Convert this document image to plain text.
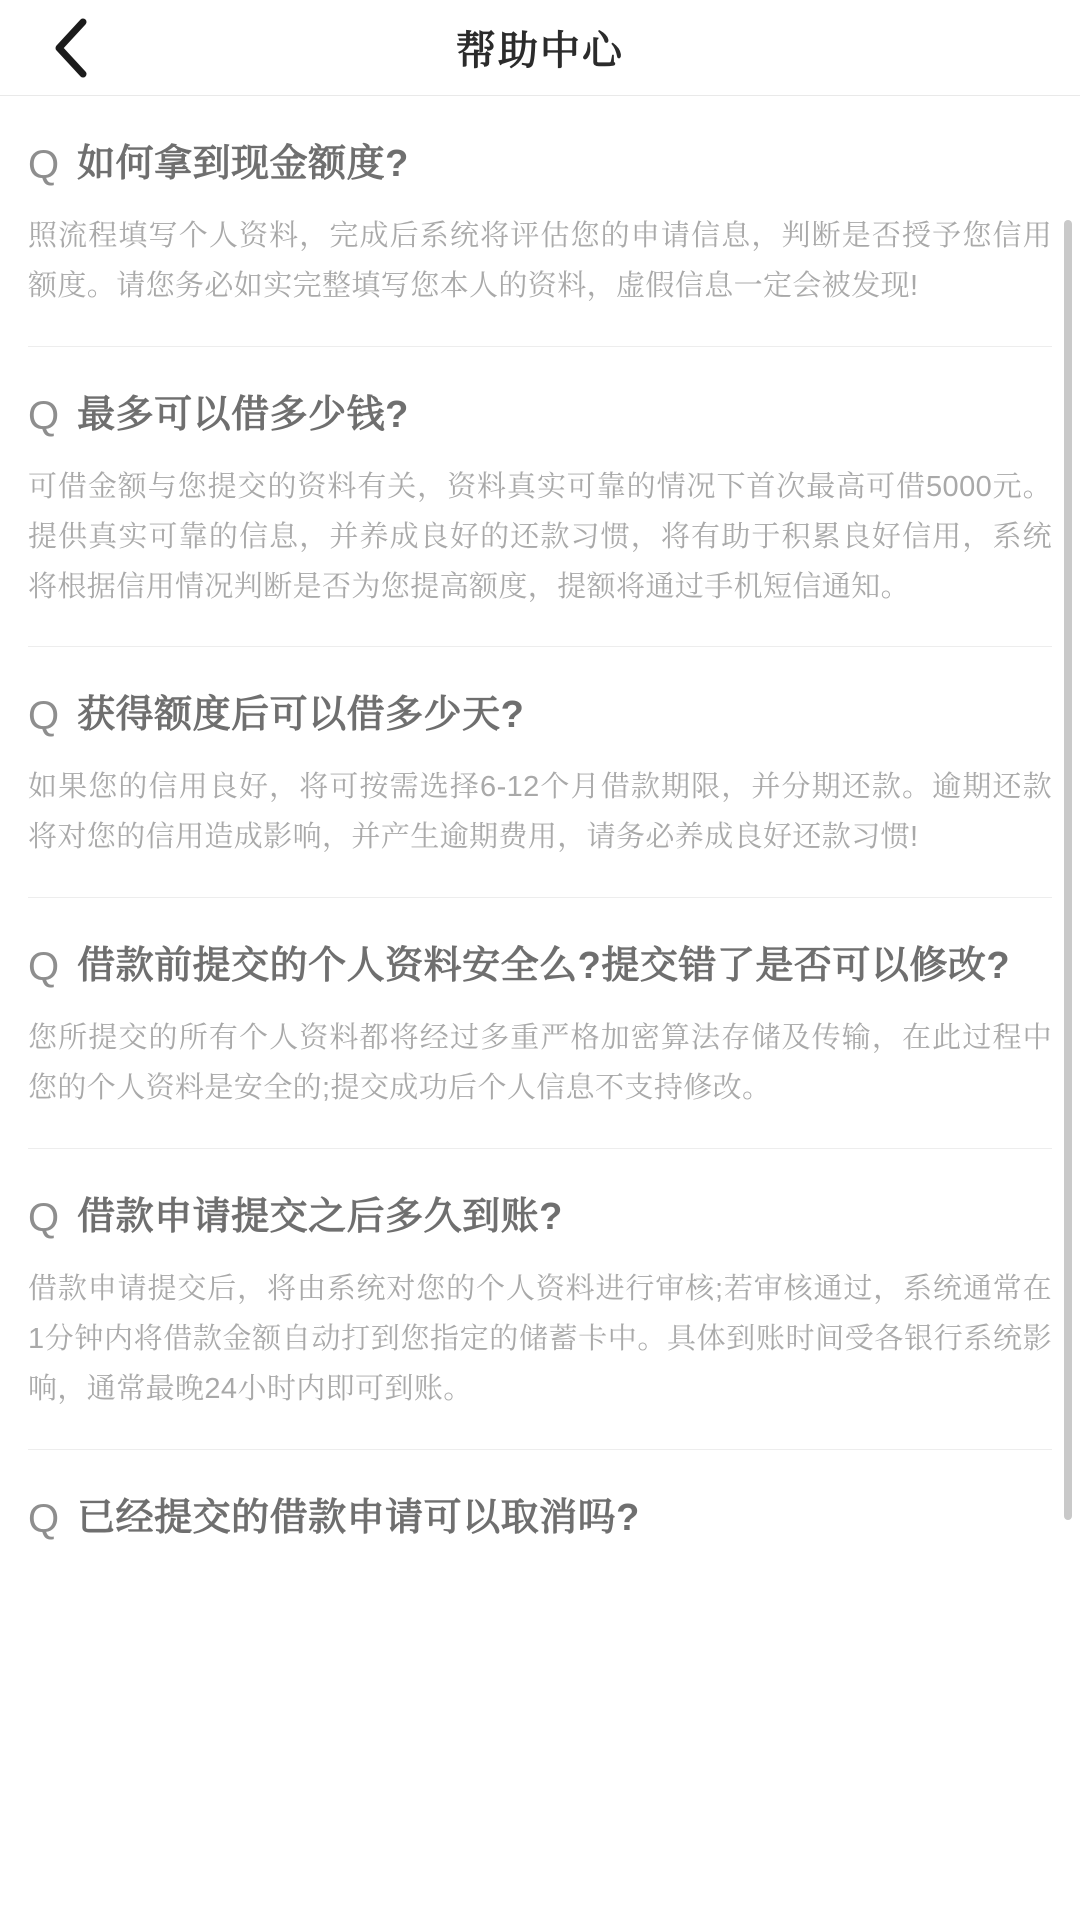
帮助中心
Q 如何拿到现金额度?
照流程填写个人资料，完成后系统将评估您的申请信息，判断是否授予您信用额度。请您务必如实完整填写您本人的资料，虚假信息一定会被发现!
Q 最多可以借多少钱?
可借金额与您提交的资料有关，资料真实可靠的情况下首次最高可借5000元。提供真实可靠的信息，并养成良好的还款习惯，将有助于积累良好信用，系统将根据信用情况判断是否为您提高额度，提额将通过手机短信通知。
Q 获得额度后可以借多少天?
如果您的信用良好，将可按需选择6-12个月借款期限，并分期还款。逾期还款将对您的信用造成影响，并产生逾期费用，请务必养成良好还款习惯!
Q 借款前提交的个人资料安全么?提交错了是否可以修改?
您所提交的所有个人资料都将经过多重严格加密算法存储及传输，在此过程中您的个人资料是安全的;提交成功后个人信息不支持修改。
Q 借款申请提交之后多久到账?
借款申请提交后，将由系统对您的个人资料进行审核;若审核通过，系统通常在1分钟内将借款金额自动打到您指定的储蓄卡中。具体到账时间受各银行系统影响，通常最晚24小时内即可到账。
Q 已经提交的借款申请可以取消吗?
